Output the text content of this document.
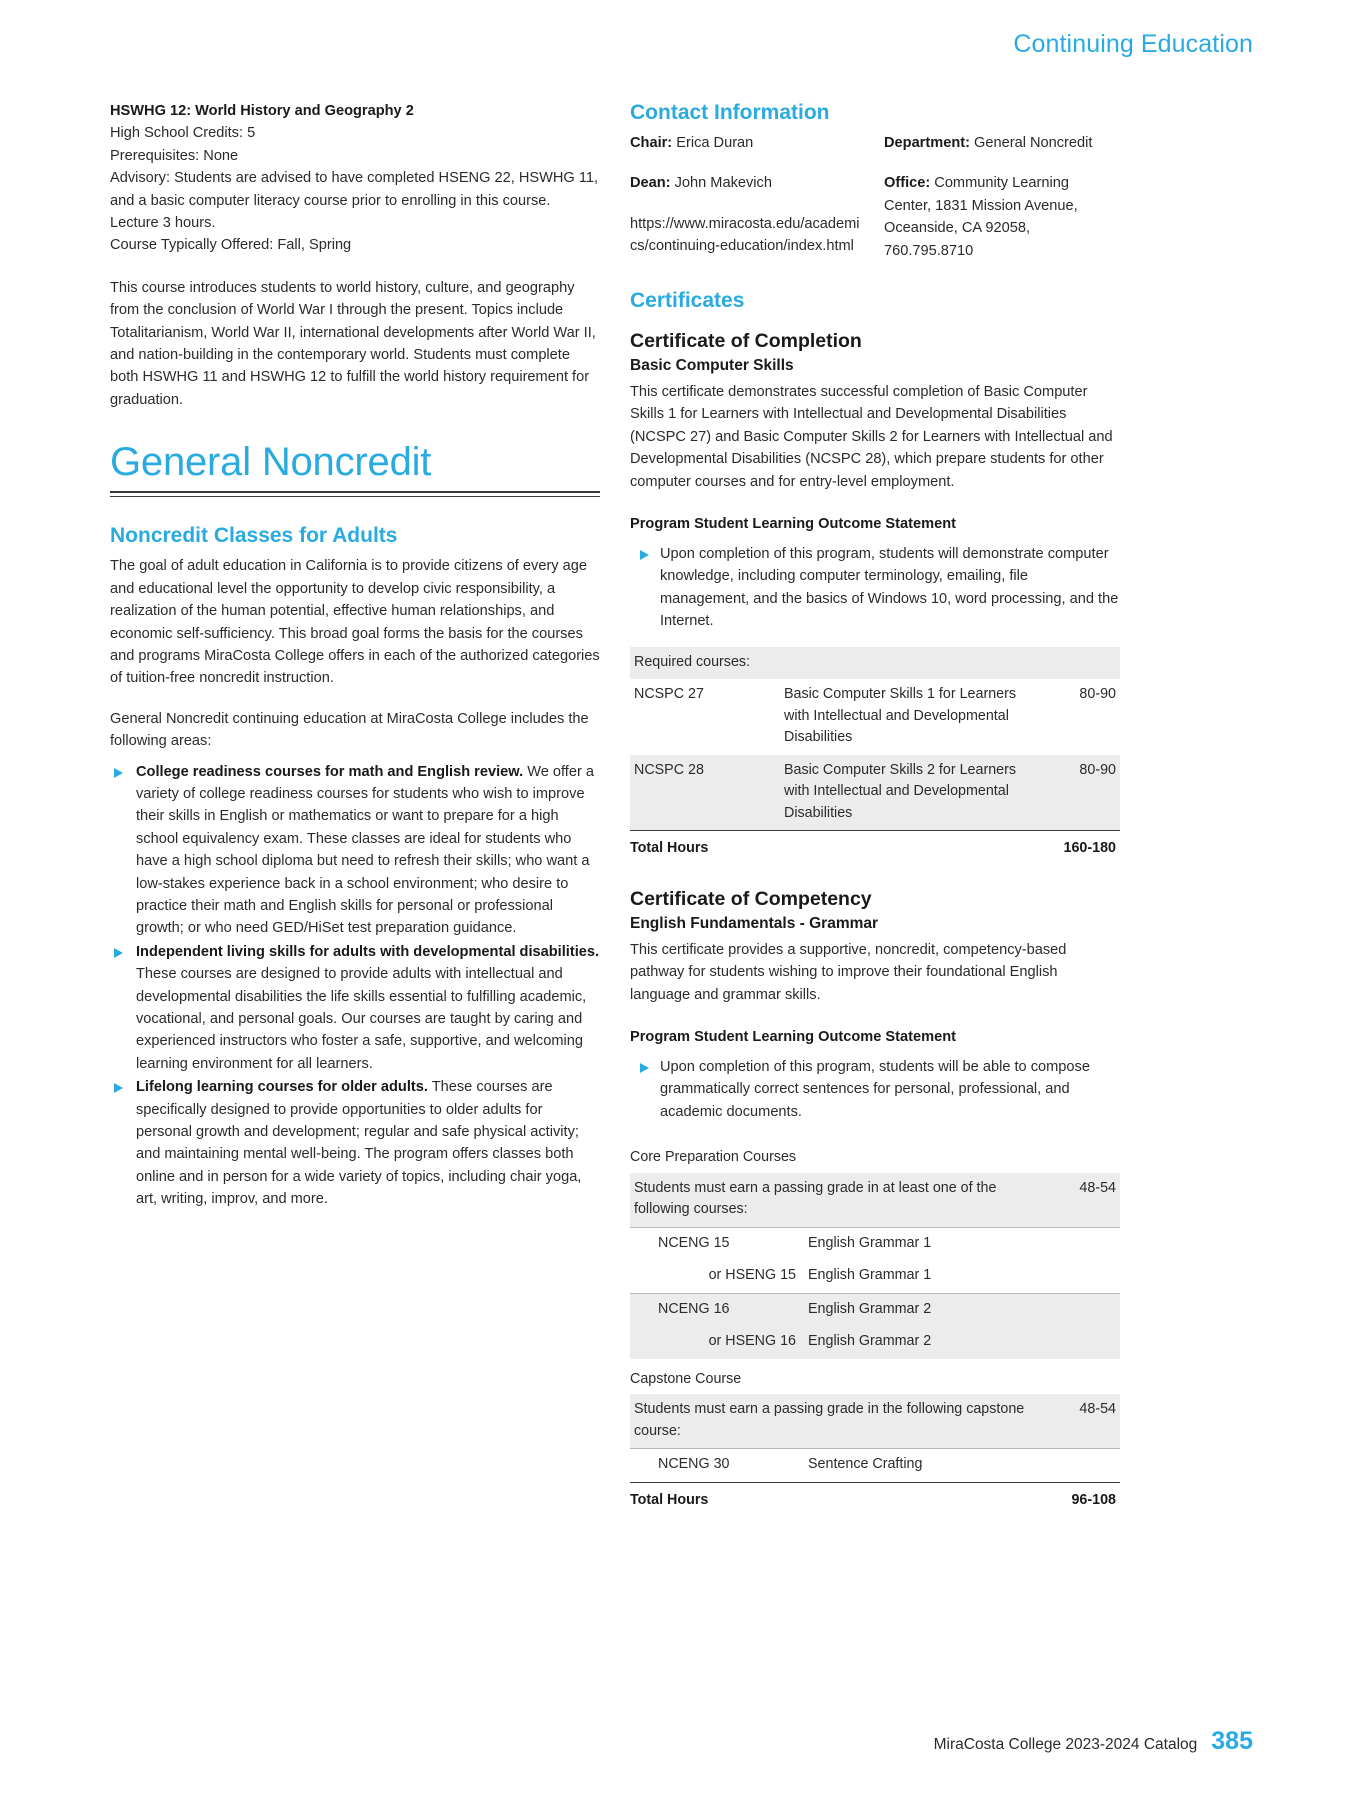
Continuing Education
HSWHG 12: World History and Geography 2
High School Credits: 5
Prerequisites: None
Advisory: Students are advised to have completed HSENG 22, HSWHG 11, and a basic computer literacy course prior to enrolling in this course.
Lecture 3 hours.
Course Typically Offered: Fall, Spring
This course introduces students to world history, culture, and geography from the conclusion of World War I through the present. Topics include Totalitarianism, World War II, international developments after World War II, and nation-building in the contemporary world. Students must complete both HSWHG 11 and HSWHG 12 to fulfill the world history requirement for graduation.
General Noncredit
Noncredit Classes for Adults
The goal of adult education in California is to provide citizens of every age and educational level the opportunity to develop civic responsibility, a realization of the human potential, effective human relationships, and economic self-sufficiency. This broad goal forms the basis for the courses and programs MiraCosta College offers in each of the authorized categories of tuition-free noncredit instruction.
General Noncredit continuing education at MiraCosta College includes the following areas:
College readiness courses for math and English review. We offer a variety of college readiness courses for students who wish to improve their skills in English or mathematics or want to prepare for a high school equivalency exam. These classes are ideal for students who have a high school diploma but need to refresh their skills; who want a low-stakes experience back in a school environment; who desire to practice their math and English skills for personal or professional growth; or who need GED/HiSet test preparation guidance.
Independent living skills for adults with developmental disabilities. These courses are designed to provide adults with intellectual and developmental disabilities the life skills essential to fulfilling academic, vocational, and personal goals. Our courses are taught by caring and experienced instructors who foster a safe, supportive, and welcoming learning environment for all learners.
Lifelong learning courses for older adults. These courses are specifically designed to provide opportunities to older adults for personal growth and development; regular and safe physical activity; and maintaining mental well-being. The program offers classes both online and in person for a wide variety of topics, including chair yoga, art, writing, improv, and more.
Contact Information
Chair: Erica Duran
Dean: John Makevich
https://www.miracosta.edu/academics/continuing-education/index.html
Department: General Noncredit
Office: Community Learning Center, 1831 Mission Avenue, Oceanside, CA 92058, 760.795.8710
Certificates
Certificate of Completion
Basic Computer Skills
This certificate demonstrates successful completion of Basic Computer Skills 1 for Learners with Intellectual and Developmental Disabilities (NCSPC 27) and Basic Computer Skills 2 for Learners with Intellectual and Developmental Disabilities (NCSPC 28), which prepare students for other computer courses and for entry-level employment.
Program Student Learning Outcome Statement
Upon completion of this program, students will demonstrate computer knowledge, including computer terminology, emailing, file management, and the basics of Windows 10, word processing, and the Internet.
Required courses:		
NCSPC 27	Basic Computer Skills 1 for Learners with Intellectual and Developmental Disabilities	80-90
NCSPC 28	Basic Computer Skills 2 for Learners with Intellectual and Developmental Disabilities	80-90
Total Hours		160-180
Certificate of Competency
English Fundamentals - Grammar
This certificate provides a supportive, noncredit, competency-based pathway for students wishing to improve their foundational English language and grammar skills.
Program Student Learning Outcome Statement
Upon completion of this program, students will be able to compose grammatically correct sentences for personal, professional, and academic documents.
Core Preparation Courses		
Students must earn a passing grade in at least one of the following courses:		48-54
NCENG 15	English Grammar 1	
or HSENG 15	English Grammar 1	
NCENG 16	English Grammar 2	
or HSENG 16	English Grammar 2	
Capstone Course		
Students must earn a passing grade in the following capstone course:		48-54
NCENG 30	Sentence Crafting	
Total Hours		96-108
MiraCosta College 2023-2024 Catalog 385
